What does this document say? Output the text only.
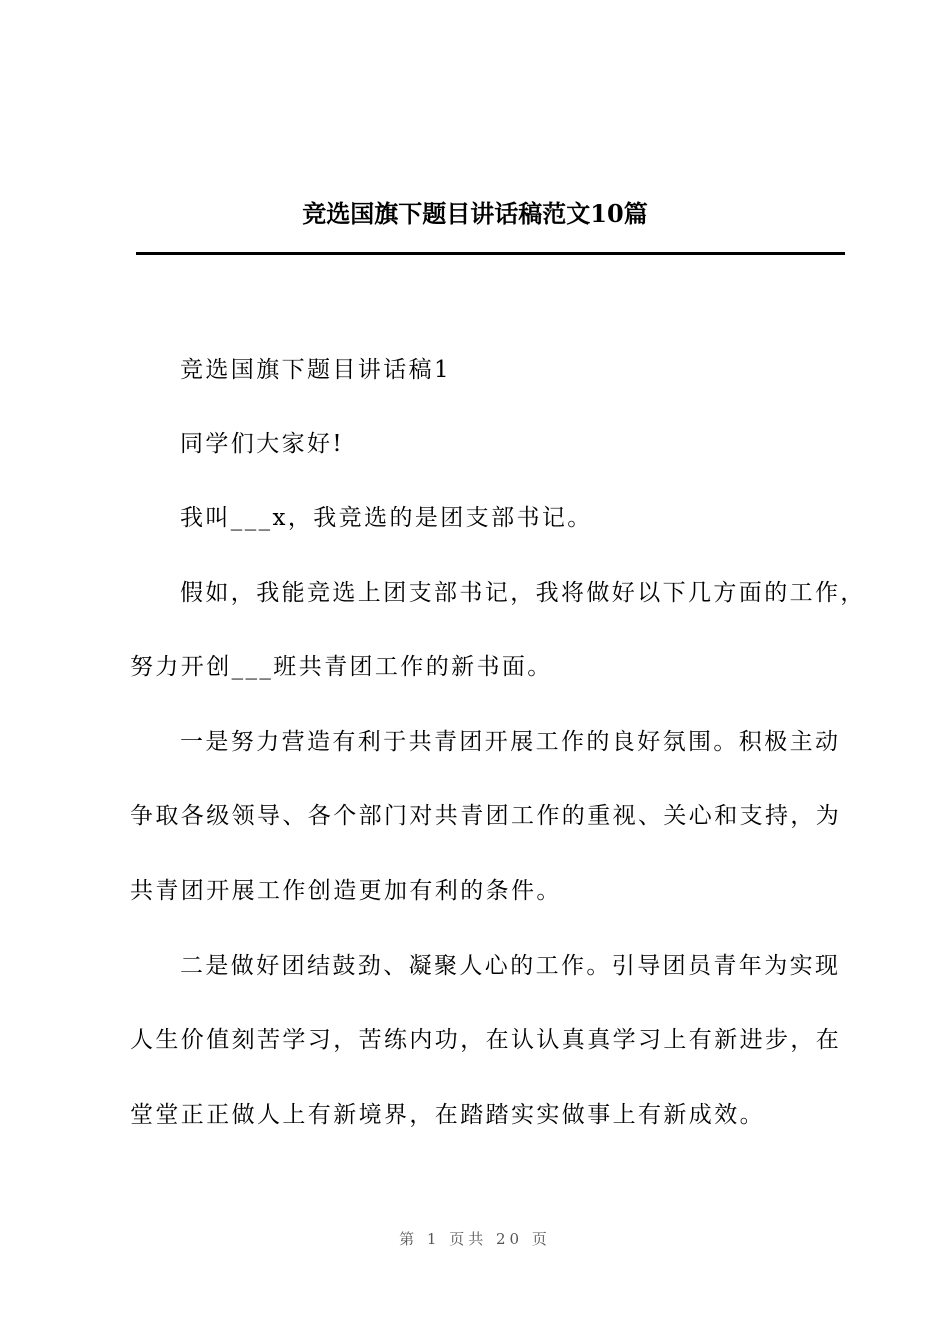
竞选国旗下题目讲话稿范文10篇
竞选国旗下题目讲话稿1
同学们大家好!
我叫___x，我竞选的是团支部书记。
假如，我能竞选上团支部书记，我将做好以下几方面的工作，
努力开创___班共青团工作的新书面。
一是努力营造有利于共青团开展工作的良好氛围。积极主动
争取各级领导、各个部门对共青团工作的重视、关心和支持，为
共青团开展工作创造更加有利的条件。
二是做好团结鼓劲、凝聚人心的工作。引导团员青年为实现
人生价值刻苦学习，苦练内功，在认认真真学习上有新进步，在
堂堂正正做人上有新境界，在踏踏实实做事上有新成效。
第 1 页共 20 页
